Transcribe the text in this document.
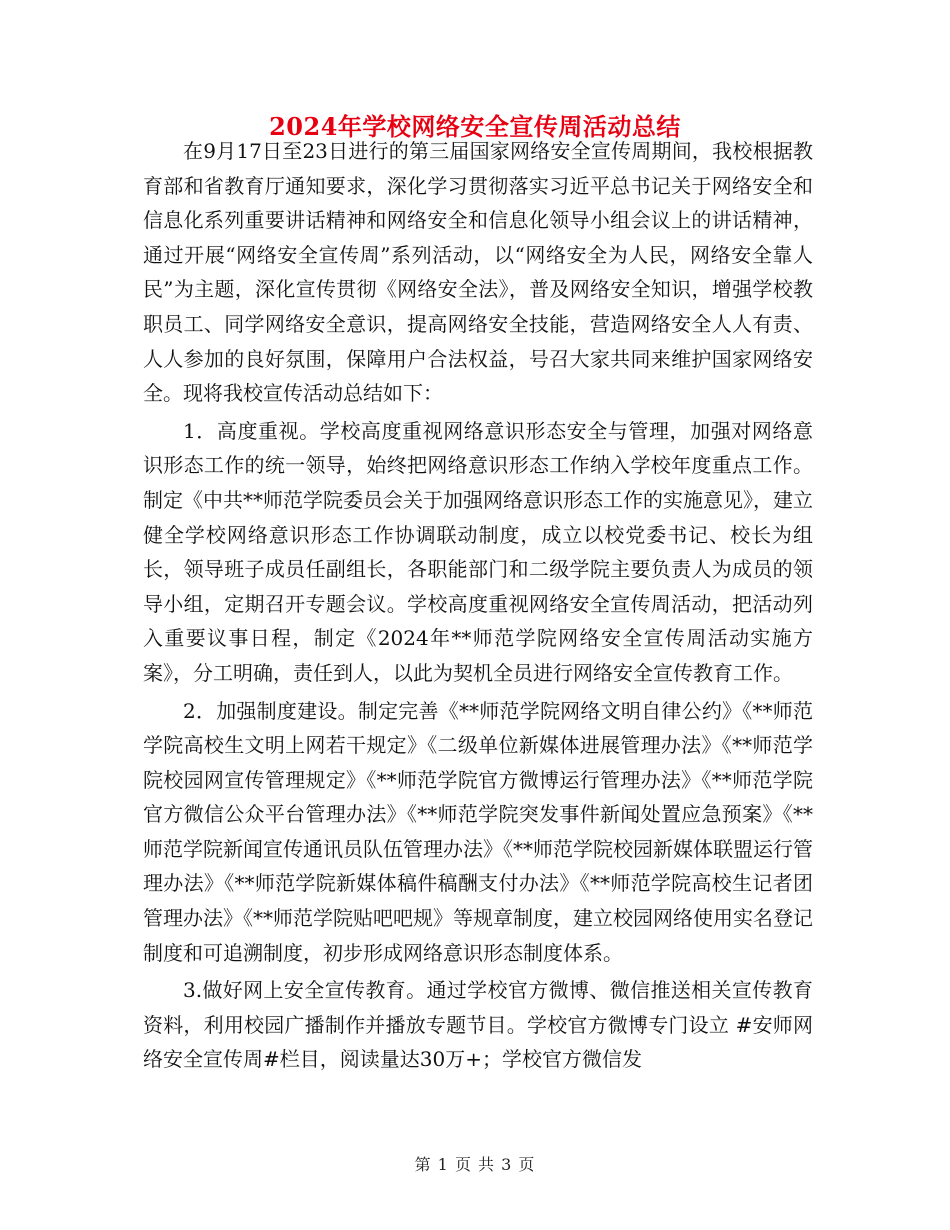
2024年学校网络安全宣传周活动总结

在9月17日至23日进行的第三届国家网络安全宣传周期间，我校根据教育部和省教育厅通知要求，深化学习贯彻落实习近平总书记关于网络安全和信息化系列重要讲话精神和网络安全和信息化领导小组会议上的讲话精神，通过开展“网络安全宣传周”系列活动，以“网络安全为人民，网络安全靠人民”为主题，深化宣传贯彻《网络安全法》，普及网络安全知识，增强学校教职员工、同学网络安全意识，提高网络安全技能，营造网络安全人人有责、人人参加的良好氛围，保障用户合法权益，号召大家共同来维护国家网络安全。现将我校宣传活动总结如下：

1．高度重视。学校高度重视网络意识形态安全与管理，加强对网络意识形态工作的统一领导，始终把网络意识形态工作纳入学校年度重点工作。制定《中共**师范学院委员会关于加强网络意识形态工作的实施意见》，建立健全学校网络意识形态工作协调联动制度，成立以校党委书记、校长为组长，领导班子成员任副组长，各职能部门和二级学院主要负责人为成员的领导小组，定期召开专题会议。学校高度重视网络安全宣传周活动，把活动列入重要议事日程，制定《2024年**师范学院网络安全宣传周活动实施方案》，分工明确，责任到人，以此为契机全员进行网络安全宣传教育工作。

2．加强制度建设。制定完善《**师范学院网络文明自律公约》《**师范学院高校生文明上网若干规定》《二级单位新媒体进展管理办法》《**师范学院校园网宣传管理规定》《**师范学院官方微博运行管理办法》《**师范学院官方微信公众平台管理办法》《**师范学院突发事件新闻处置应急预案》《**师范学院新闻宣传通讯员队伍管理办法》《**师范学院校园新媒体联盟运行管理办法》《**师范学院新媒体稿件稿酬支付办法》《**师范学院高校生记者团管理办法》《**师范学院贴吧吧规》等规章制度，建立校园网络使用实名登记制度和可追溯制度，初步形成网络意识形态制度体系。

3.做好网上安全宣传教育。通过学校官方微博、微信推送相关宣传教育资料，利用校园广播制作并播放专题节目。学校官方微博专门设立 #安师网络安全宣传周#栏目，阅读量达30万+；学校官方微信发

第 1 页 共 3 页
